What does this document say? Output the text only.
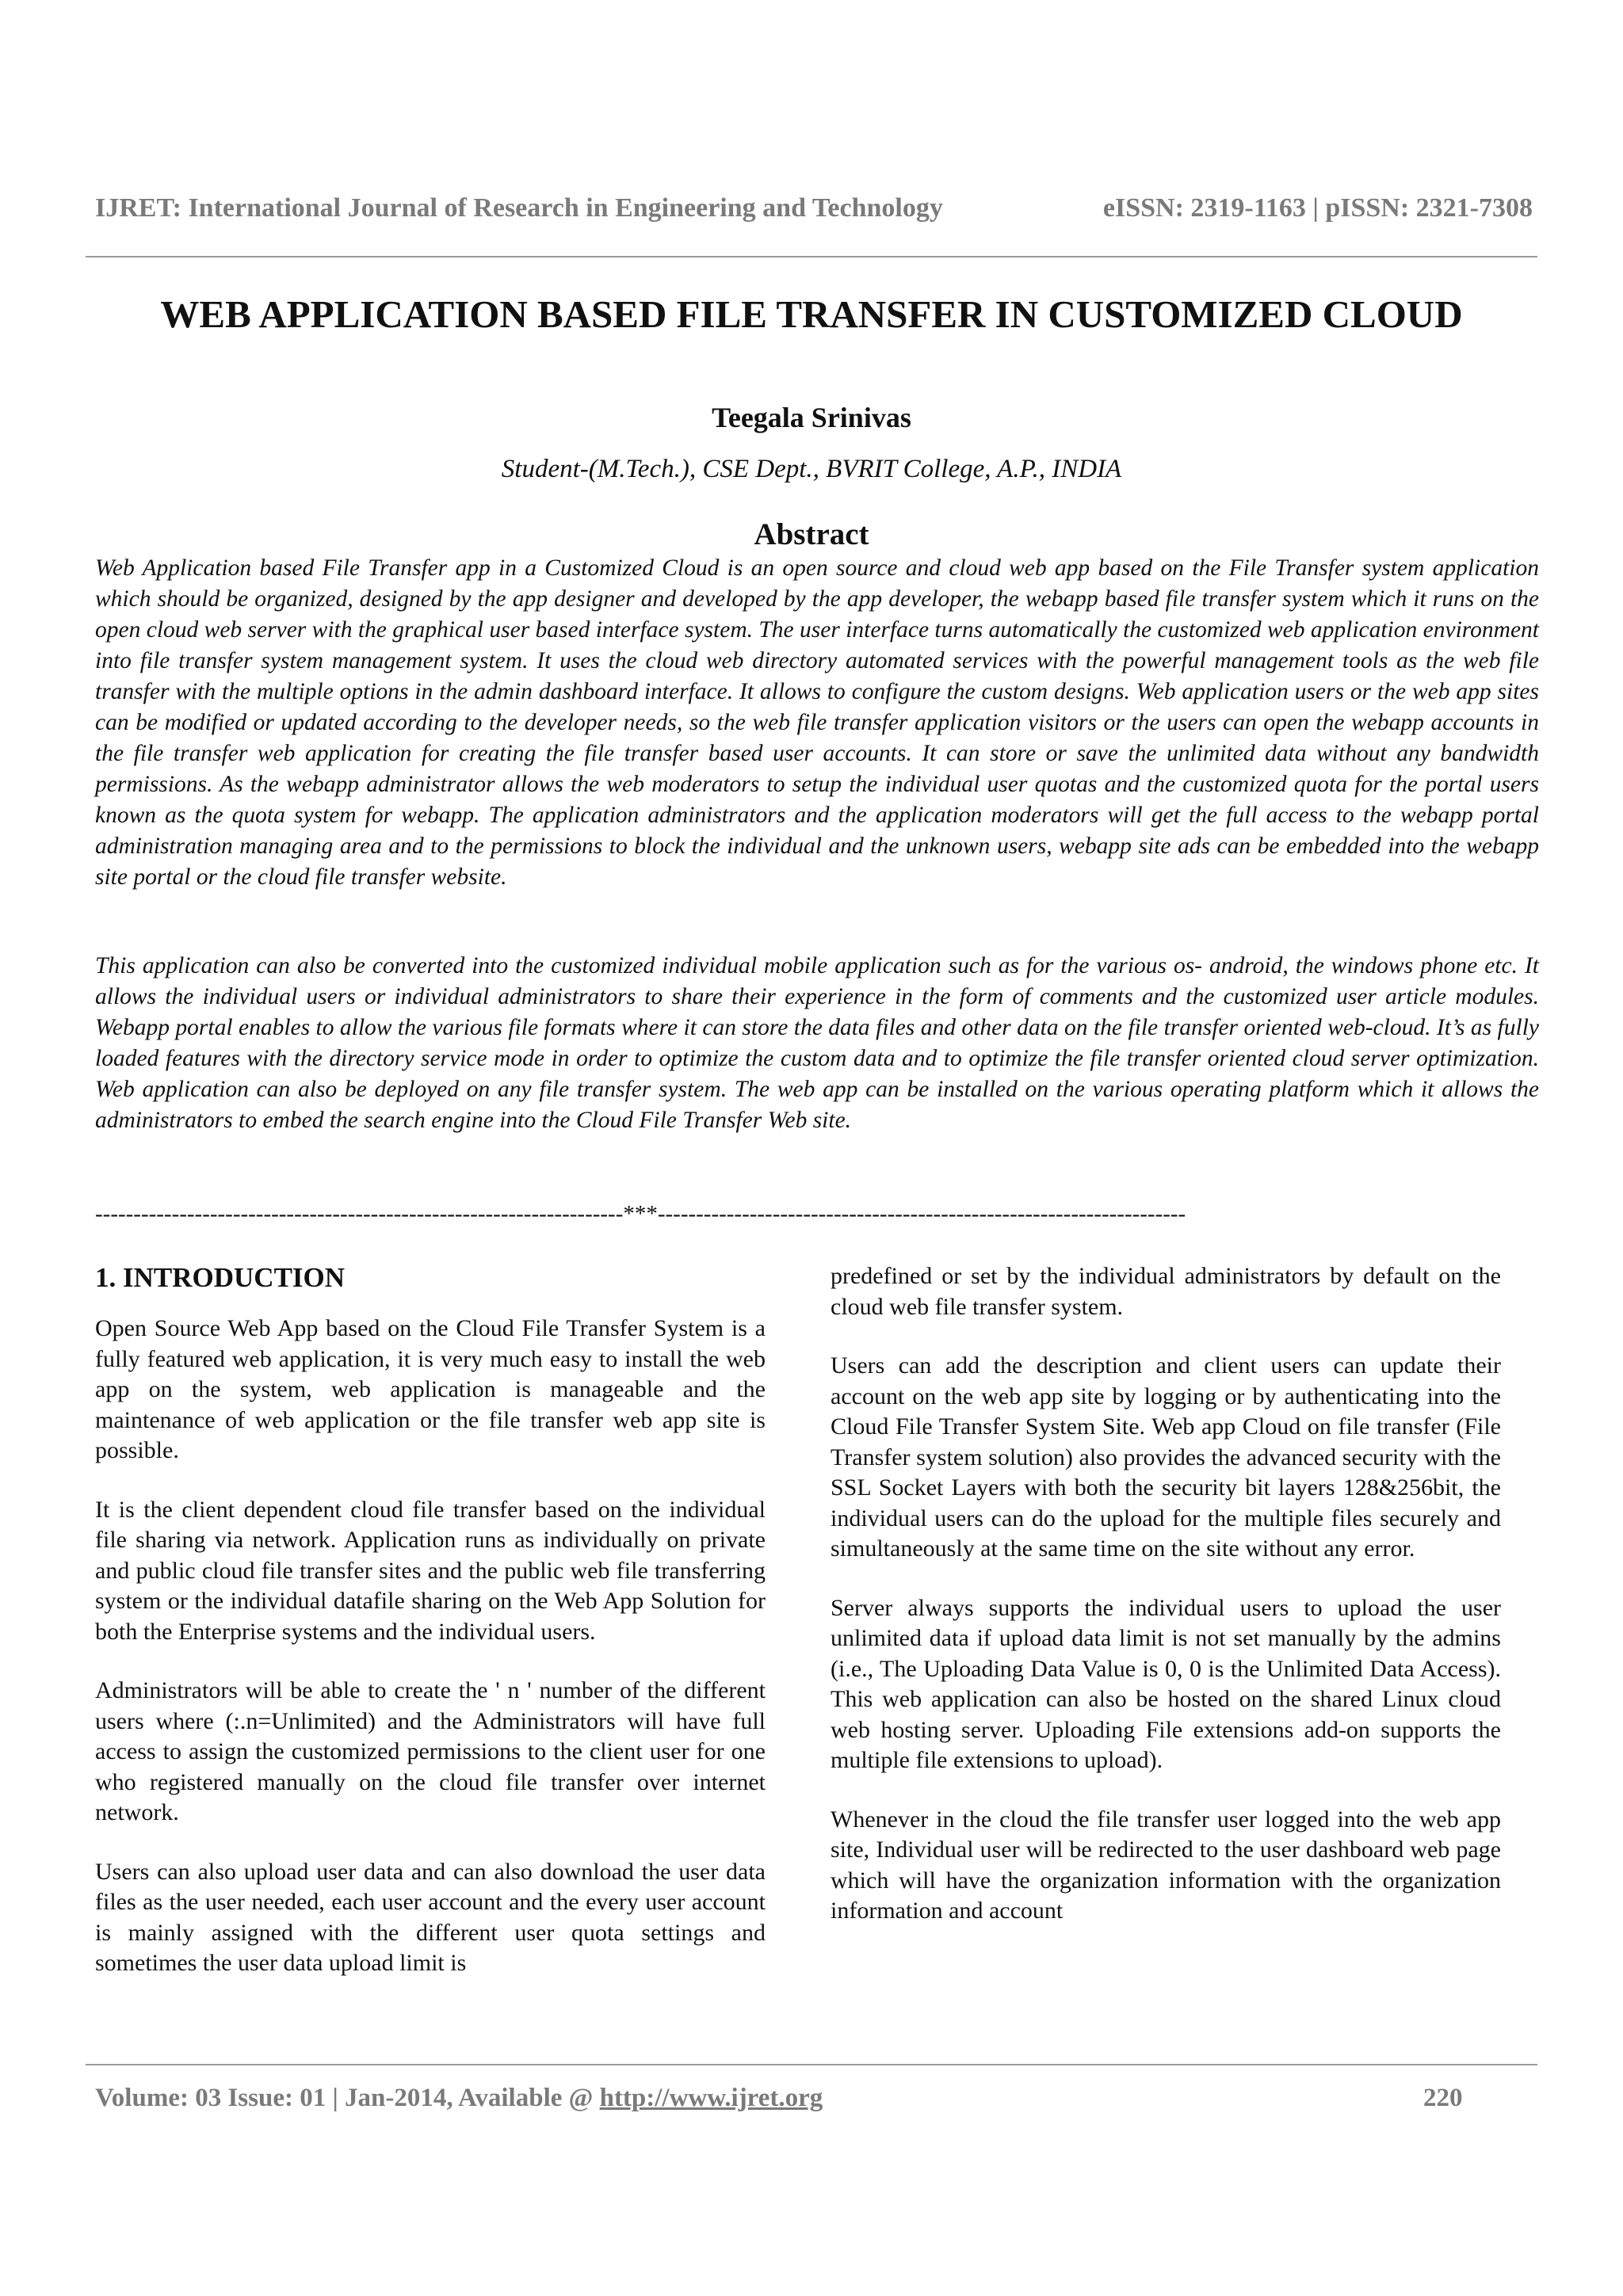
IJRET: International Journal of Research in Engineering and Technology	eISSN: 2319-1163 | pISSN: 2321-7308
WEB APPLICATION BASED FILE TRANSFER IN CUSTOMIZED CLOUD
Teegala Srinivas
Student-(M.Tech.), CSE Dept., BVRIT College, A.P., INDIA
Abstract

Web Application based File Transfer app in a Customized Cloud is an open source and cloud web app based on the File Transfer system application which should be organized, designed by the app designer and developed by the app developer, the webapp based file transfer system which it runs on the open cloud web server with the graphical user based interface system. The user interface turns automatically the customized web application environment into file transfer system management system. It uses the cloud web directory automated services with the powerful management tools as the web file transfer with the multiple options in the admin dashboard interface. It allows to configure the custom designs. Web application users or the web app sites can be modified or updated according to the developer needs, so the web file transfer application visitors or the users can open the webapp accounts in the file transfer web application for creating the file transfer based user accounts. It can store or save the unlimited data without any bandwidth permissions. As the webapp administrator allows the web moderators to setup the individual user quotas and the customized quota for the portal users known as the quota system for webapp. The application administrators and the application moderators will get the full access to the webapp portal administration managing area and to the permissions to block the individual and the unknown users, webapp site ads can be embedded into the webapp site portal or the cloud file transfer website.

This application can also be converted into the customized individual mobile application such as for the various os- android, the windows phone etc. It allows the individual users or individual administrators to share their experience in the form of comments and the customized user article modules. Webapp portal enables to allow the various file formats where it can store the data files and other data on the file transfer oriented web-cloud. It’s as fully loaded features with the directory service mode in order to optimize the custom data and to optimize the file transfer oriented cloud server optimization. Web application can also be deployed on any file transfer system. The web app can be installed on the various operating platform which it allows the administrators to embed the search engine into the Cloud File Transfer Web site.

---------------------------------------------------------------------***---------------------------------------------------------------------
1. INTRODUCTION

Open Source Web App based on the Cloud File Transfer System is a fully featured web application, it is very much easy to install the web app on the system, web application is manageable and the maintenance of web application or the file transfer web app site is possible.

It is the client dependent cloud file transfer based on the individual file sharing via network. Application runs as individually on private and public cloud file transfer sites and the public web file transferring system or the individual datafile sharing on the Web App Solution for both the Enterprise systems and the individual users.

Administrators will be able to create the ' n ' number of the different users where (:.n=Unlimited) and the Administrators will have full access to assign the customized permissions to the client user for one who registered manually on the cloud file transfer over internet network.

Users can also upload user data and can also download the user data files as the user needed, each user account and the every user account is mainly assigned with the different user quota settings and sometimes the user data upload limit is

predefined or set by the individual administrators by default on the cloud web file transfer system.

Users can add the description and client users can update their account on the web app site by logging or by authenticating into the Cloud File Transfer System Site. Web app Cloud on file transfer (File Transfer system solution) also provides the advanced security with the SSL Socket Layers with both the security bit layers 128&256bit, the individual users can do the upload for the multiple files securely and simultaneously at the same time on the site without any error.

Server always supports the individual users to upload the user unlimited data if upload data limit is not set manually by the admins (i.e., The Uploading Data Value is 0, 0 is the Unlimited Data Access). This web application can also be hosted on the shared Linux cloud web hosting server. Uploading File extensions add-on supports the multiple file extensions to upload).

Whenever in the cloud the file transfer user logged into the web app site, Individual user will be redirected to the user dashboard web page which will have the organization information with the organization information and account

Volume: 03 Issue: 01 | Jan-2014, Available @ http://www.ijret.org	220
